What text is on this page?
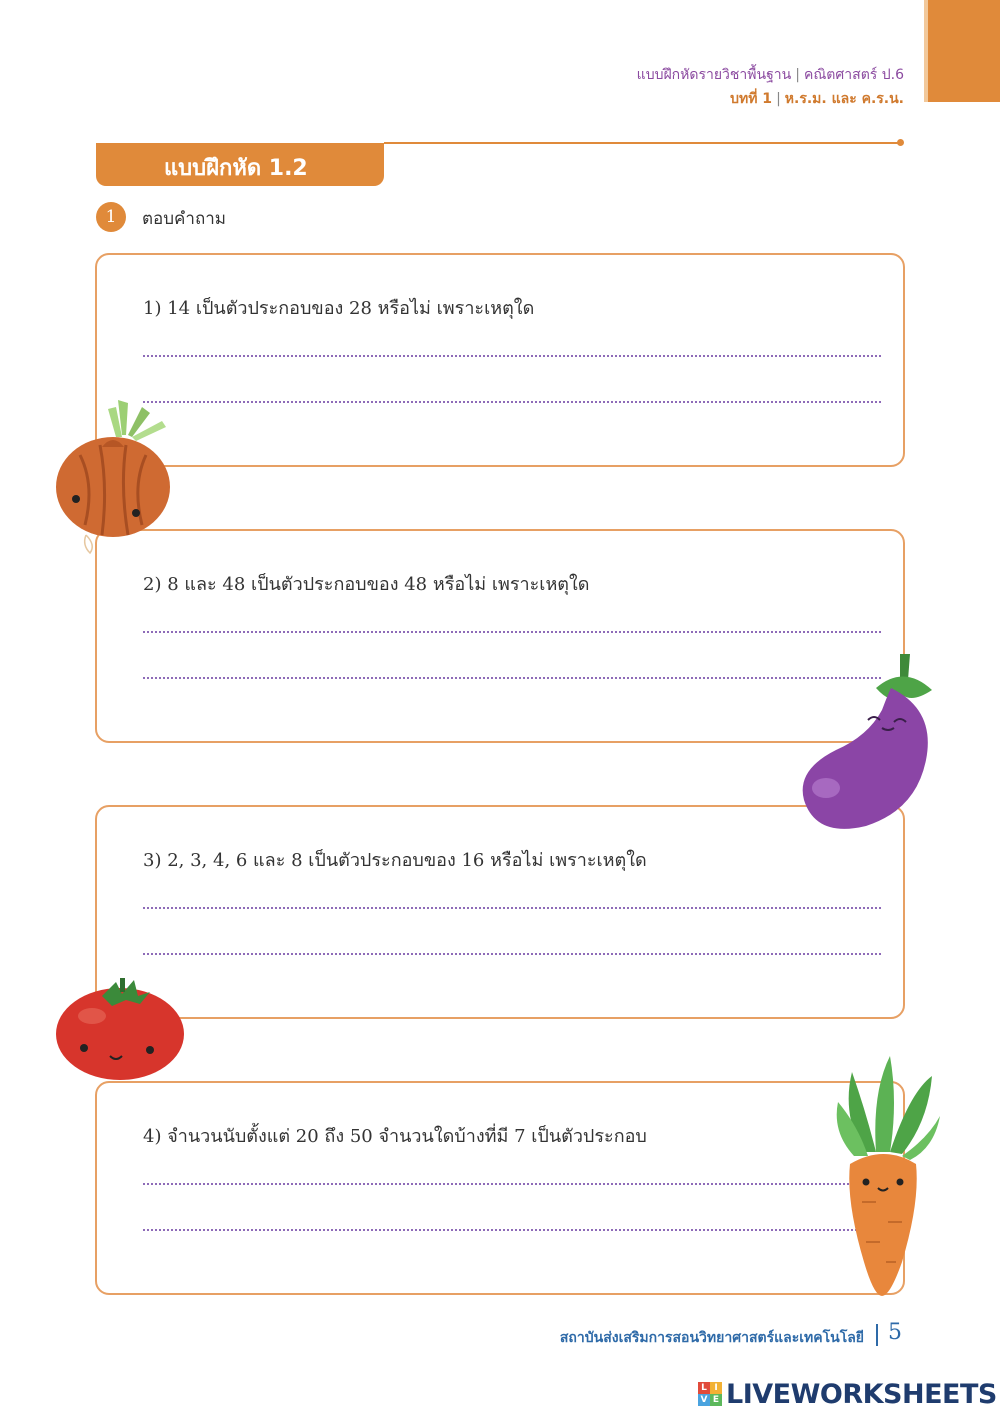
แบบฝึกหัดรายวิชาพื้นฐาน | คณิตศาสตร์ ป.6
บทที่ 1 | ห.ร.ม. และ ค.ร.น.
แบบฝึกหัด 1.2
1	ตอบคำถาม
1) 14 เป็นตัวประกอบของ 28 หรือไม่ เพราะเหตุใด
2) 8 และ 48 เป็นตัวประกอบของ 48 หรือไม่ เพราะเหตุใด
3) 2, 3, 4, 6 และ 8 เป็นตัวประกอบของ 16 หรือไม่ เพราะเหตุใด
4) จำนวนนับตั้งแต่ 20 ถึง 50 จำนวนใดบ้างที่มี 7 เป็นตัวประกอบ
สถาบันส่งเสริมการสอนวิทยาศาสตร์และเทคโนโลยี 5
L I
V E LIVEWORKSHEETS
